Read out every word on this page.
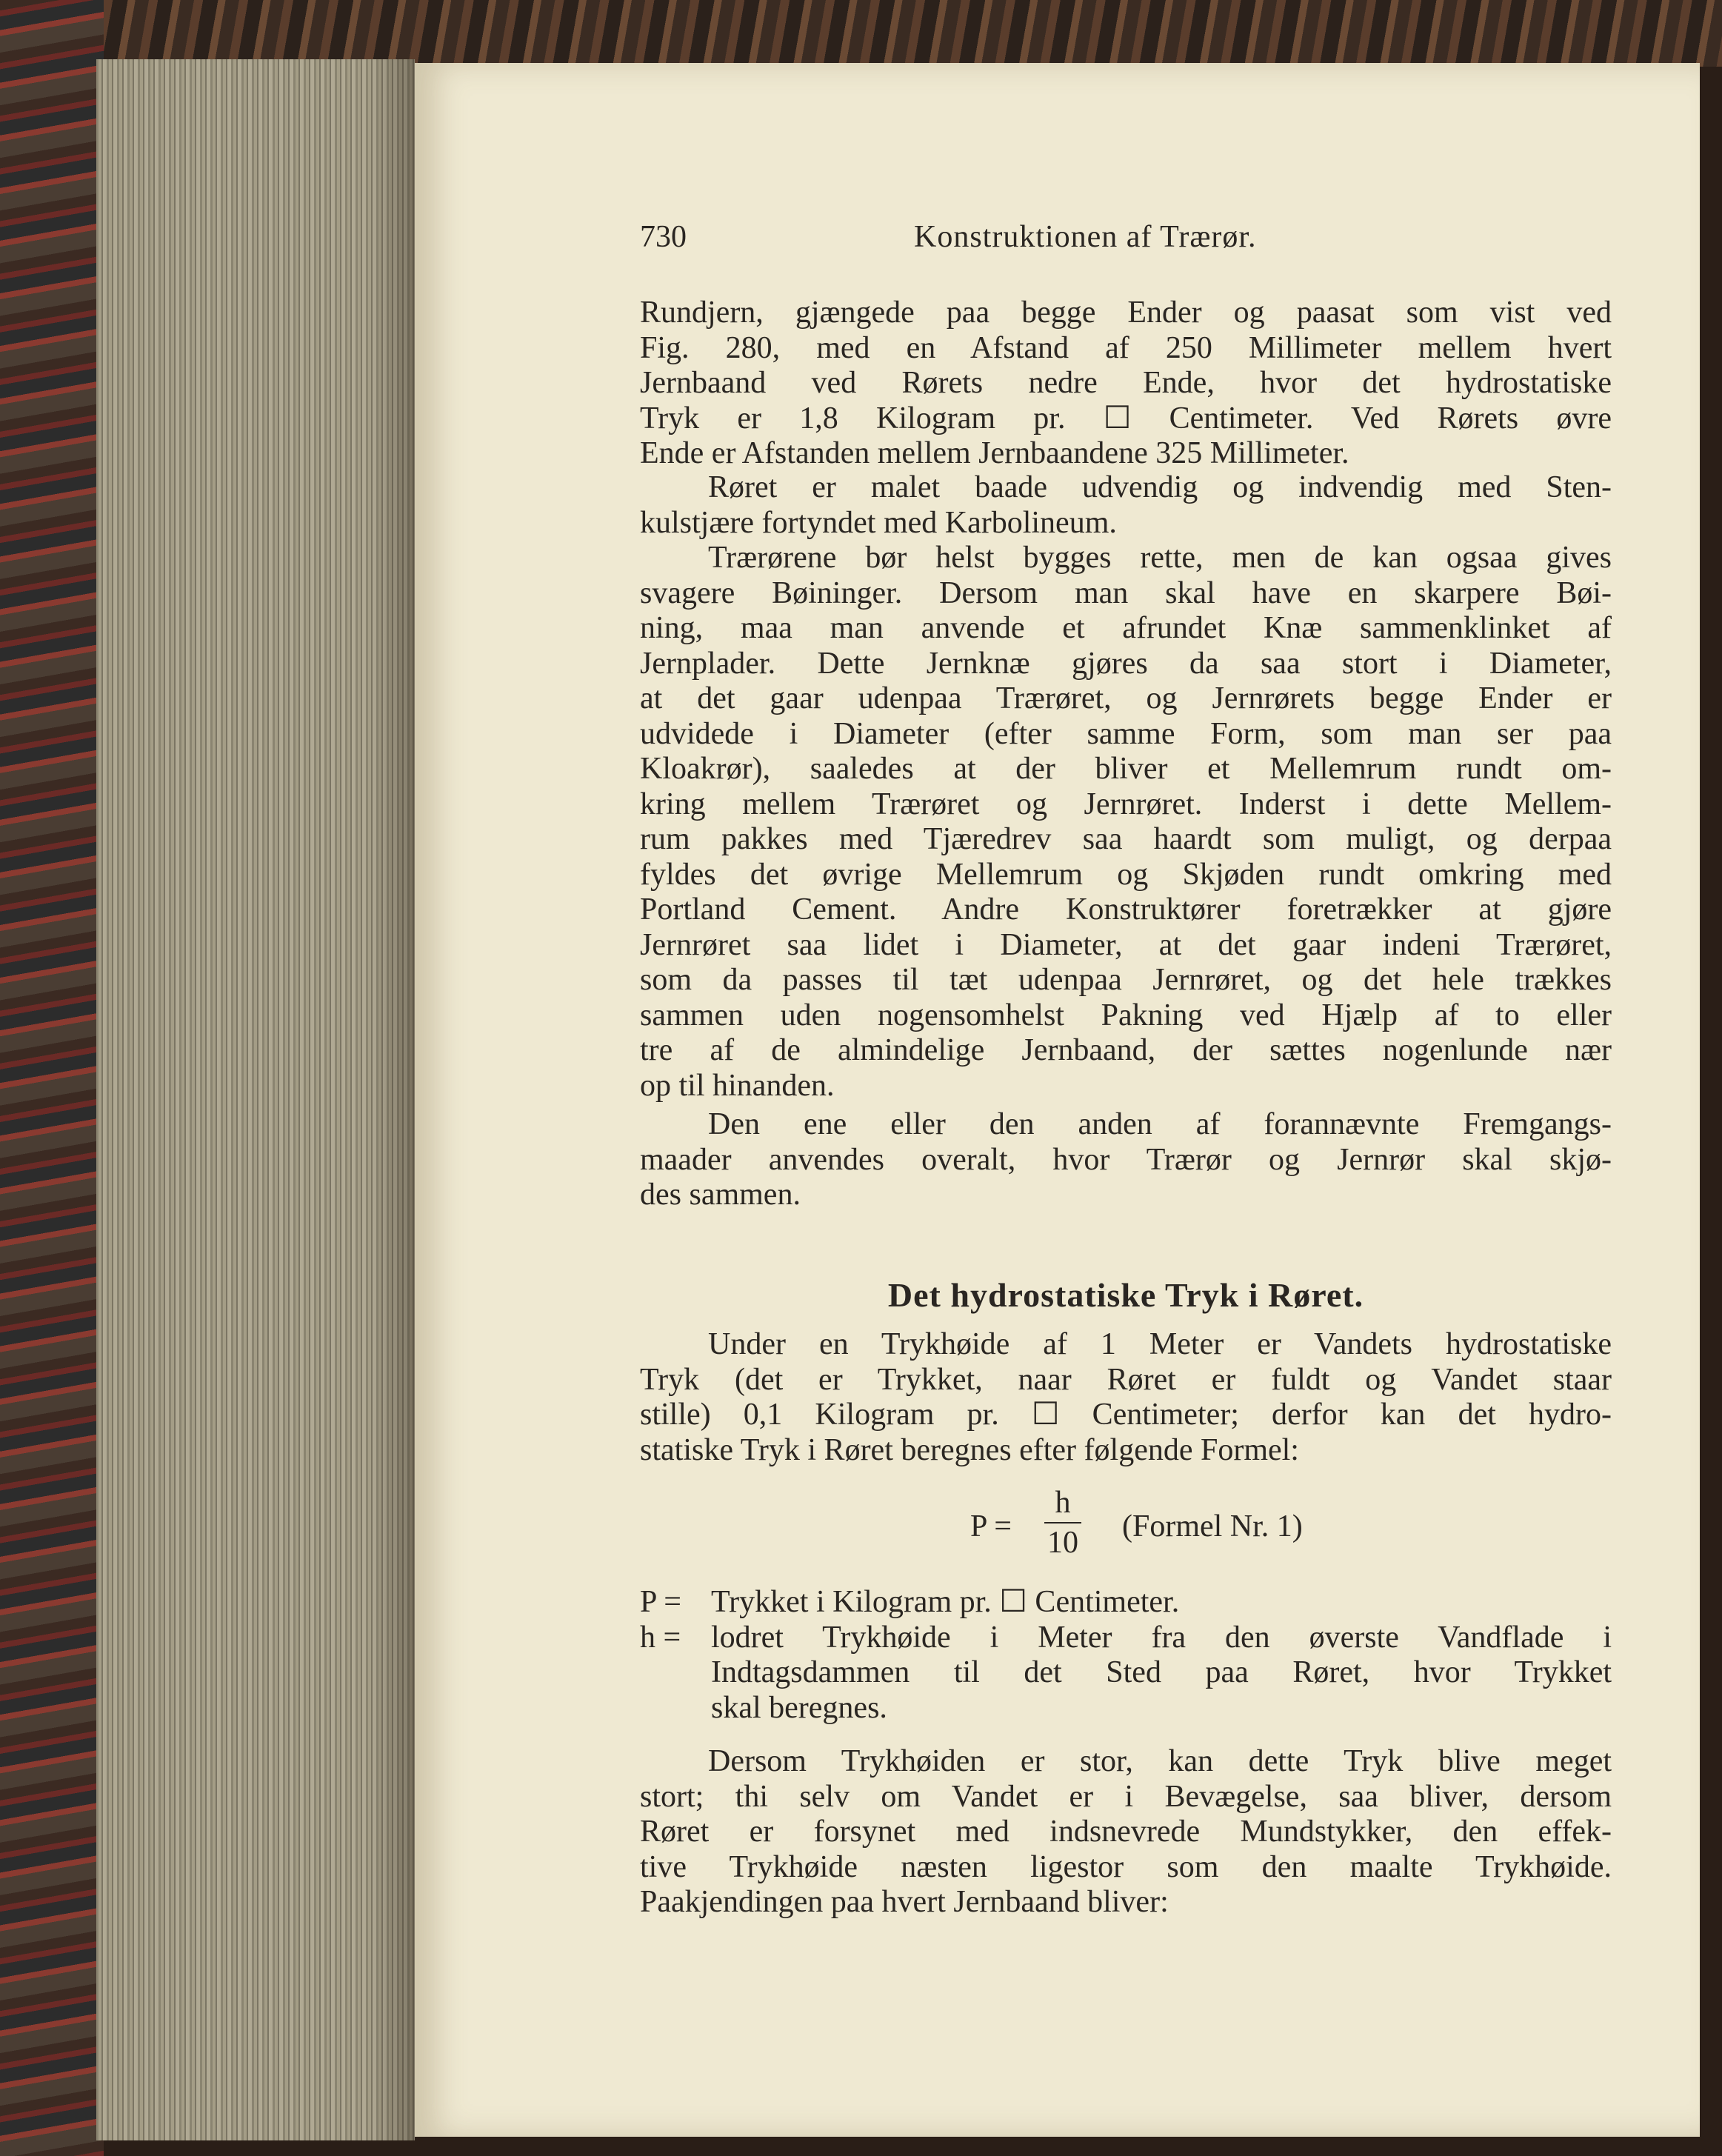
730	Konstruktionen af Trærør.
Rundjern, gjængede paa begge Ender og paasat som vist ved
Fig. 280, med en Afstand af 250 Millimeter mellem hvert
Jernbaand ved Rørets nedre Ende, hvor det hydrostatiske
Tryk er 1,8 Kilogram pr. ☐ Centimeter. Ved Rørets øvre
Ende er Afstanden mellem Jernbaandene 325 Millimeter.
Røret er malet baade udvendig og indvendig med Sten-
kulstjære fortyndet med Karbolineum.
Trærørene bør helst bygges rette, men de kan ogsaa gives
svagere Bøininger. Dersom man skal have en skarpere Bøi-
ning, maa man anvende et afrundet Knæ sammenklinket af
Jernplader. Dette Jernknæ gjøres da saa stort i Diameter,
at det gaar udenpaa Trærøret, og Jernrørets begge Ender er
udvidede i Diameter (efter samme Form, som man ser paa
Kloakrør), saaledes at der bliver et Mellemrum rundt om-
kring mellem Trærøret og Jernrøret. Inderst i dette Mellem-
rum pakkes med Tjæredrev saa haardt som muligt, og derpaa
fyldes det øvrige Mellemrum og Skjøden rundt omkring med
Portland Cement. Andre Konstruktører foretrækker at gjøre
Jernrøret saa lidet i Diameter, at det gaar indeni Trærøret,
som da passes til tæt udenpaa Jernrøret, og det hele trækkes
sammen uden nogensomhelst Pakning ved Hjælp af to eller
tre af de almindelige Jernbaand, der sættes nogenlunde nær
op til hinanden.
Den ene eller den anden af forannævnte Fremgangs-
maader anvendes overalt, hvor Trærør og Jernrør skal skjø-
des sammen.
Det hydrostatiske Tryk i Røret.
Under en Trykhøide af 1 Meter er Vandets hydrostatiske
Tryk (det er Trykket, naar Røret er fuldt og Vandet staar
stille) 0,1 Kilogram pr. ☐ Centimeter; derfor kan det hydro-
statiske Tryk i Røret beregnes efter følgende Formel:
P =
h
10 (Formel Nr. 1)
P = Trykket i Kilogram pr. ☐ Centimeter.
h = lodret Trykhøide i Meter fra den øverste Vandflade i
Indtagsdammen til det Sted paa Røret, hvor Trykket
skal beregnes.
Dersom Trykhøiden er stor, kan dette Tryk blive meget
stort; thi selv om Vandet er i Bevægelse, saa bliver, dersom
Røret er forsynet med indsnevrede Mundstykker, den effek-
tive Trykhøide næsten ligestor som den maalte Trykhøide.
Paakjendingen paa hvert Jernbaand bliver:
